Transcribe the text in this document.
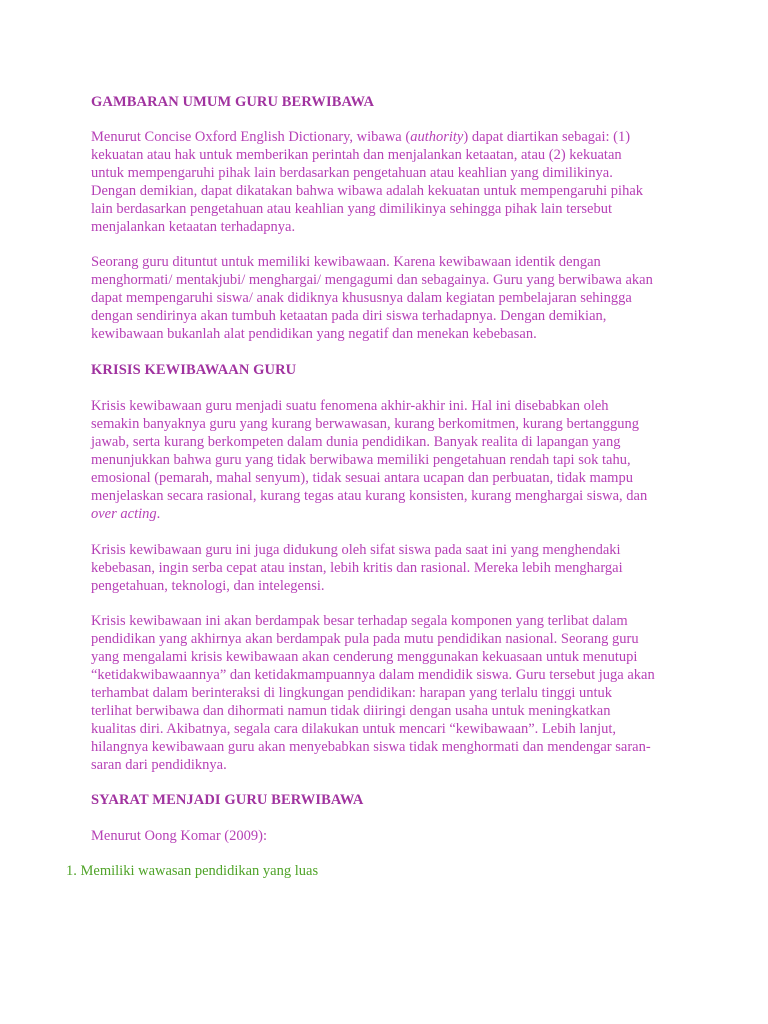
GAMBARAN UMUM GURU BERWIBAWA
Menurut Concise Oxford English Dictionary, wibawa (authority) dapat diartikan sebagai: (1)
kekuatan atau hak untuk memberikan perintah dan menjalankan ketaatan, atau (2) kekuatan
untuk mempengaruhi pihak lain berdasarkan pengetahuan atau keahlian yang dimilikinya.
Dengan demikian, dapat dikatakan bahwa wibawa adalah kekuatan untuk mempengaruhi pihak
lain berdasarkan pengetahuan atau keahlian yang dimilikinya sehingga pihak lain tersebut
menjalankan ketaatan terhadapnya.
Seorang guru dituntut untuk memiliki kewibawaan. Karena kewibawaan identik dengan
menghormati/ mentakjubi/ menghargai/ mengagumi dan sebagainya. Guru yang berwibawa akan
dapat mempengaruhi siswa/ anak didiknya khususnya dalam kegiatan pembelajaran sehingga
dengan sendirinya akan tumbuh ketaatan pada diri siswa terhadapnya. Dengan demikian,
kewibawaan bukanlah alat pendidikan yang negatif dan menekan kebebasan.
KRISIS KEWIBAWAAN GURU
Krisis kewibawaan guru menjadi suatu fenomena akhir-akhir ini. Hal ini disebabkan oleh
semakin banyaknya guru yang kurang berwawasan, kurang berkomitmen, kurang bertanggung
jawab, serta kurang berkompeten dalam dunia pendidikan. Banyak realita di lapangan yang
menunjukkan bahwa guru yang tidak berwibawa memiliki pengetahuan rendah tapi sok tahu,
emosional (pemarah, mahal senyum), tidak sesuai antara ucapan dan perbuatan, tidak mampu
menjelaskan secara rasional, kurang tegas atau kurang konsisten, kurang menghargai siswa, dan
over acting.
Krisis kewibawaan guru ini juga didukung oleh sifat siswa pada saat ini yang menghendaki
kebebasan, ingin serba cepat atau instan, lebih kritis dan rasional. Mereka lebih menghargai
pengetahuan, teknologi, dan intelegensi.
Krisis kewibawaan ini akan berdampak besar terhadap segala komponen yang terlibat dalam
pendidikan yang akhirnya akan berdampak pula pada mutu pendidikan nasional. Seorang guru
yang mengalami krisis kewibawaan akan cenderung menggunakan kekuasaan untuk menutupi
“ketidakwibawaannya” dan ketidakmampuannya dalam mendidik siswa. Guru tersebut juga akan
terhambat dalam berinteraksi di lingkungan pendidikan: harapan yang terlalu tinggi untuk
terlihat berwibawa dan dihormati namun tidak diiringi dengan usaha untuk meningkatkan
kualitas diri. Akibatnya, segala cara dilakukan untuk mencari “kewibawaan”. Lebih lanjut,
hilangnya kewibawaan guru akan menyebabkan siswa tidak menghormati dan mendengar saran-
saran dari pendidiknya.
SYARAT MENJADI GURU BERWIBAWA
Menurut Oong Komar (2009):
1. Memiliki wawasan pendidikan yang luas
